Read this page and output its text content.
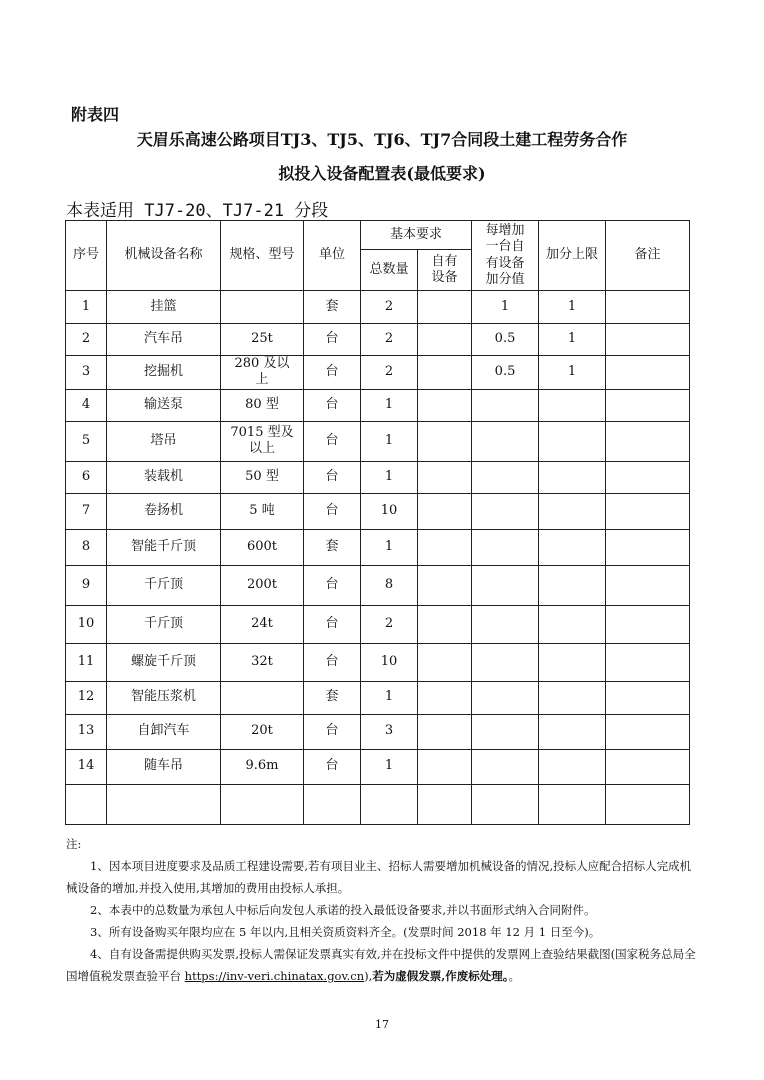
附表四
天眉乐高速公路项目TJ3、TJ5、TJ6、TJ7合同段土建工程劳务合作
拟投入设备配置表(最低要求)
本表适用 TJ7-20、TJ7-21 分段
序号	机械设备名称	规格、型号	单位	基本要求		每增加一台自有设备加分值	加分上限	备注
				总数量	自有设备			
1	挂篮		套	2		1	1	
2	汽车吊	25t	台	2		0.5	1	
3	挖掘机	280 及以上	台	2		0.5	1	
4	输送泵	80 型	台	1				
5	塔吊	7015 型及以上	台	1				
6	装载机	50 型	台	1				
7	卷扬机	5 吨	台	10				
8	智能千斤顶	600t	套	1				
9	千斤顶	200t	台	8				
10	千斤顶	24t	台	2				
11	螺旋千斤顶	32t	台	10				
12	智能压浆机		套	1				
13	自卸汽车	20t	台	3				
14	随车吊	9.6m	台	1				

注:

1、因本项目进度要求及品质工程建设需要,若有项目业主、招标人需要增加机械设备的情况,投标人应配合招标人完成机械设备的增加,并投入使用,其增加的费用由投标人承担。

2、本表中的总数量为承包人中标后向发包人承诺的投入最低设备要求,并以书面形式纳入合同附件。

3、所有设备购买年限均应在 5 年以内,且相关资质资料齐全。(发票时间 2018 年 12 月 1 日至今)。

4、自有设备需提供购买发票,投标人需保证发票真实有效,并在投标文件中提供的发票网上查验结果截图(国家税务总局全国增值税发票查验平台 https://inv-veri.chinatax.gov.cn),若为虚假发票,作废标处理。。

17
